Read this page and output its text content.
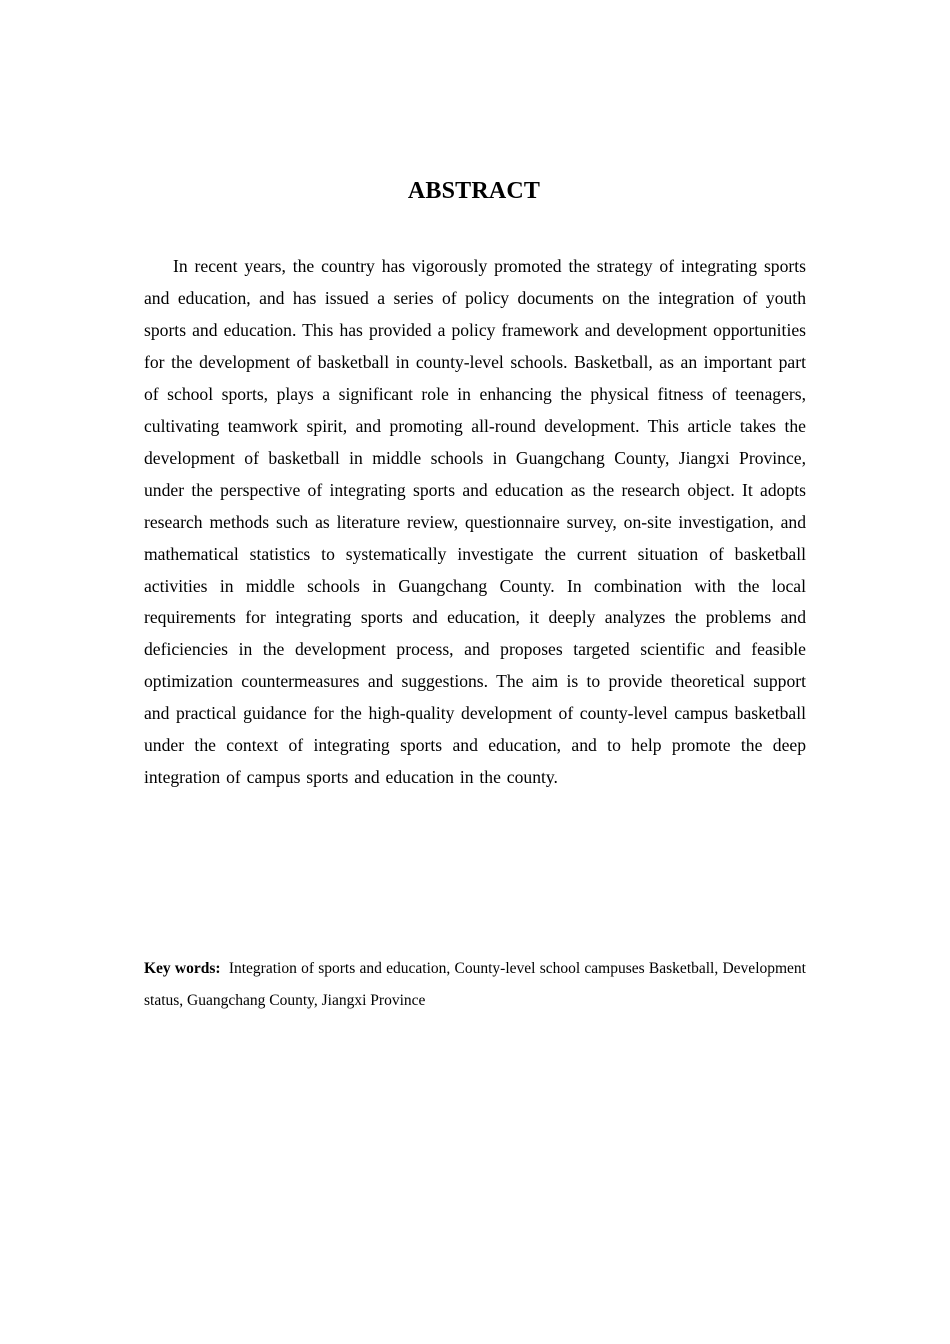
ABSTRACT

In recent years, the country has vigorously promoted the strategy of integrating sports and education, and has issued a series of policy documents on the integration of youth sports and education. This has provided a policy framework and development opportunities for the development of basketball in county-level schools. Basketball, as an important part of school sports, plays a significant role in enhancing the physical fitness of teenagers, cultivating teamwork spirit, and promoting all-round development. This article takes the development of basketball in middle schools in Guangchang County, Jiangxi Province, under the perspective of integrating sports and education as the research object. It adopts research methods such as literature review, questionnaire survey, on-site investigation, and mathematical statistics to systematically investigate the current situation of basketball activities in middle schools in Guangchang County. In combination with the local requirements for integrating sports and education, it deeply analyzes the problems and deficiencies in the development process, and proposes targeted scientific and feasible optimization countermeasures and suggestions. The aim is to provide theoretical support and practical guidance for the high-quality development of county-level campus basketball under the context of integrating sports and education, and to help promote the deep integration of campus sports and education in the county.

Key words: Integration of sports and education, County-level school campuses Basketball, Development status, Guangchang County, Jiangxi Province
